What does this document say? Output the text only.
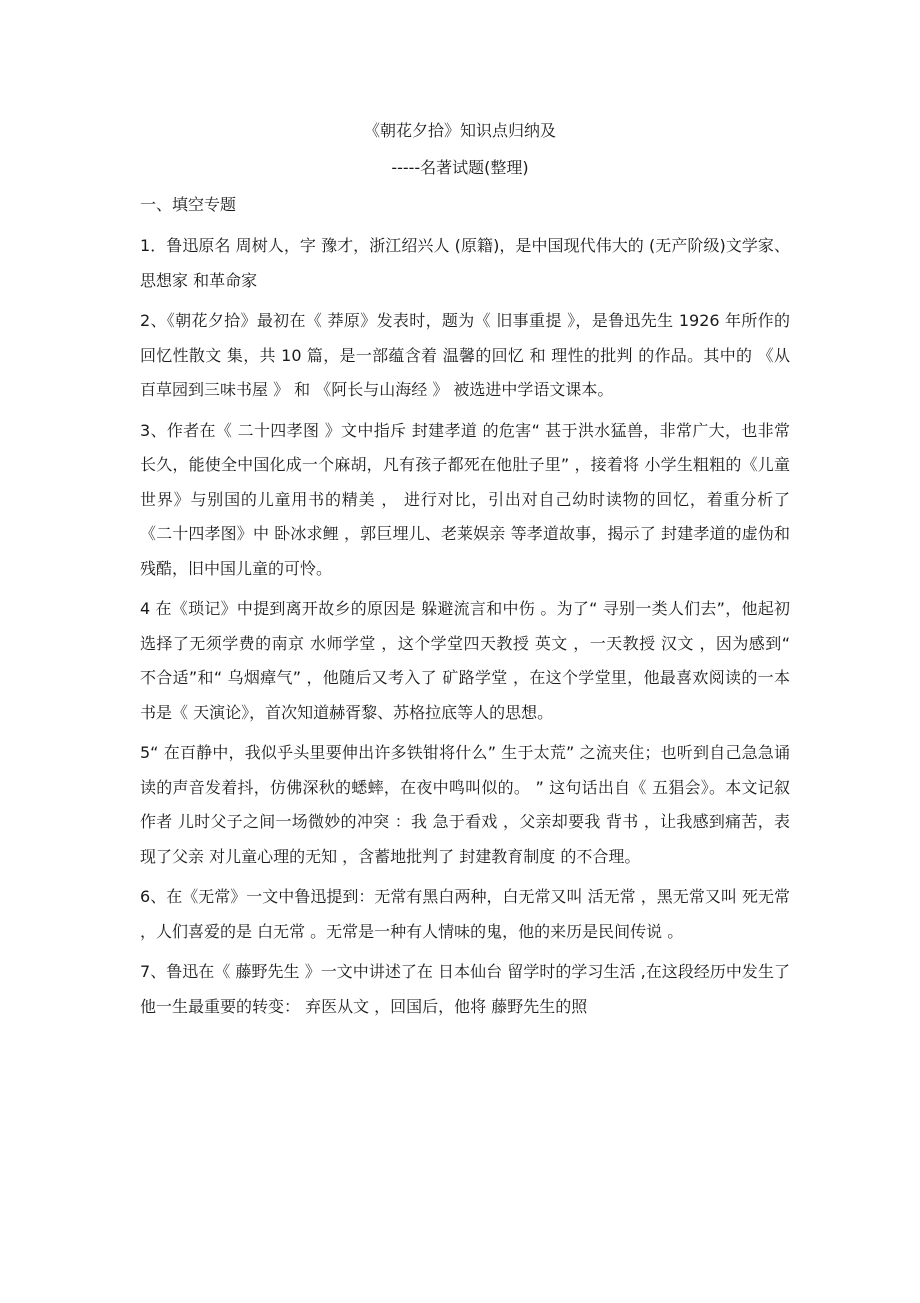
《朝花夕拾》知识点归纳及
-----名著试题(整理)
一、填空专题

1．鲁迅原名 周树人，字 豫才，浙江绍兴人 (原籍)，是中国现代伟大的 (无产阶级)文学家、思想家 和革命家

2、《朝花夕拾》最初在《 莽原》发表时，题为《 旧事重提 》，是鲁迅先生 1926 年所作的 回忆性散文 集，共 10 篇，是一部蕴含着 温馨的回忆 和 理性的批判 的作品。其中的 《从百草园到三味书屋 》 和 《阿长与山海经 》 被选进中学语文课本。

3、作者在《 二十四孝图 》文中指斥 封建孝道 的危害“ 甚于洪水猛兽，非常广大，也非常长久，能使全中国化成一个麻胡，凡有孩子都死在他肚子里” ，接着将 小学生粗粗的《儿童世界》与别国的儿童用书的精美 ， 进行对比，引出对自己幼时读物的回忆，着重分析了《二十四孝图》中 卧冰求鲤 ，郭巨埋儿、老莱娱亲 等孝道故事，揭示了 封建孝道的虚伪和残酷，旧中国儿童的可怜。

4 在《琐记》中提到离开故乡的原因是 躲避流言和中伤 。为了“ 寻别一类人们去”，他起初选择了无须学费的南京 水师学堂 ，这个学堂四天教授 英文 ，一天教授 汉文 ，因为感到“ 不合适”和“ 乌烟瘴气” ，他随后又考入了 矿路学堂 ，在这个学堂里，他最喜欢阅读的一本书是《 天演论》，首次知道赫胥黎、苏格拉底等人的思想。

5“ 在百静中，我似乎头里要伸出许多铁钳将什么” 生于太荒” 之流夹住；也听到自己急急诵读的声音发着抖，仿佛深秋的蟋蟀，在夜中鸣叫似的。 ” 这句话出自《 五猖会》。本文记叙作者 儿时父子之间一场微妙的冲突 ：我 急于看戏 ，父亲却要我 背书 ，让我感到痛苦，表现了父亲 对儿童心理的无知 ，含蓄地批判了 封建教育制度 的不合理。

6、在《无常》一文中鲁迅提到：无常有黑白两种，白无常又叫 活无常 ，黑无常又叫 死无常 ，人们喜爱的是 白无常 。无常是一种有人情味的鬼，他的来历是民间传说 。

7、鲁迅在《 藤野先生 》一文中讲述了在 日本仙台 留学时的学习生活 ,在这段经历中发生了他一生最重要的转变： 弃医从文 ，回国后，他将 藤野先生的照
